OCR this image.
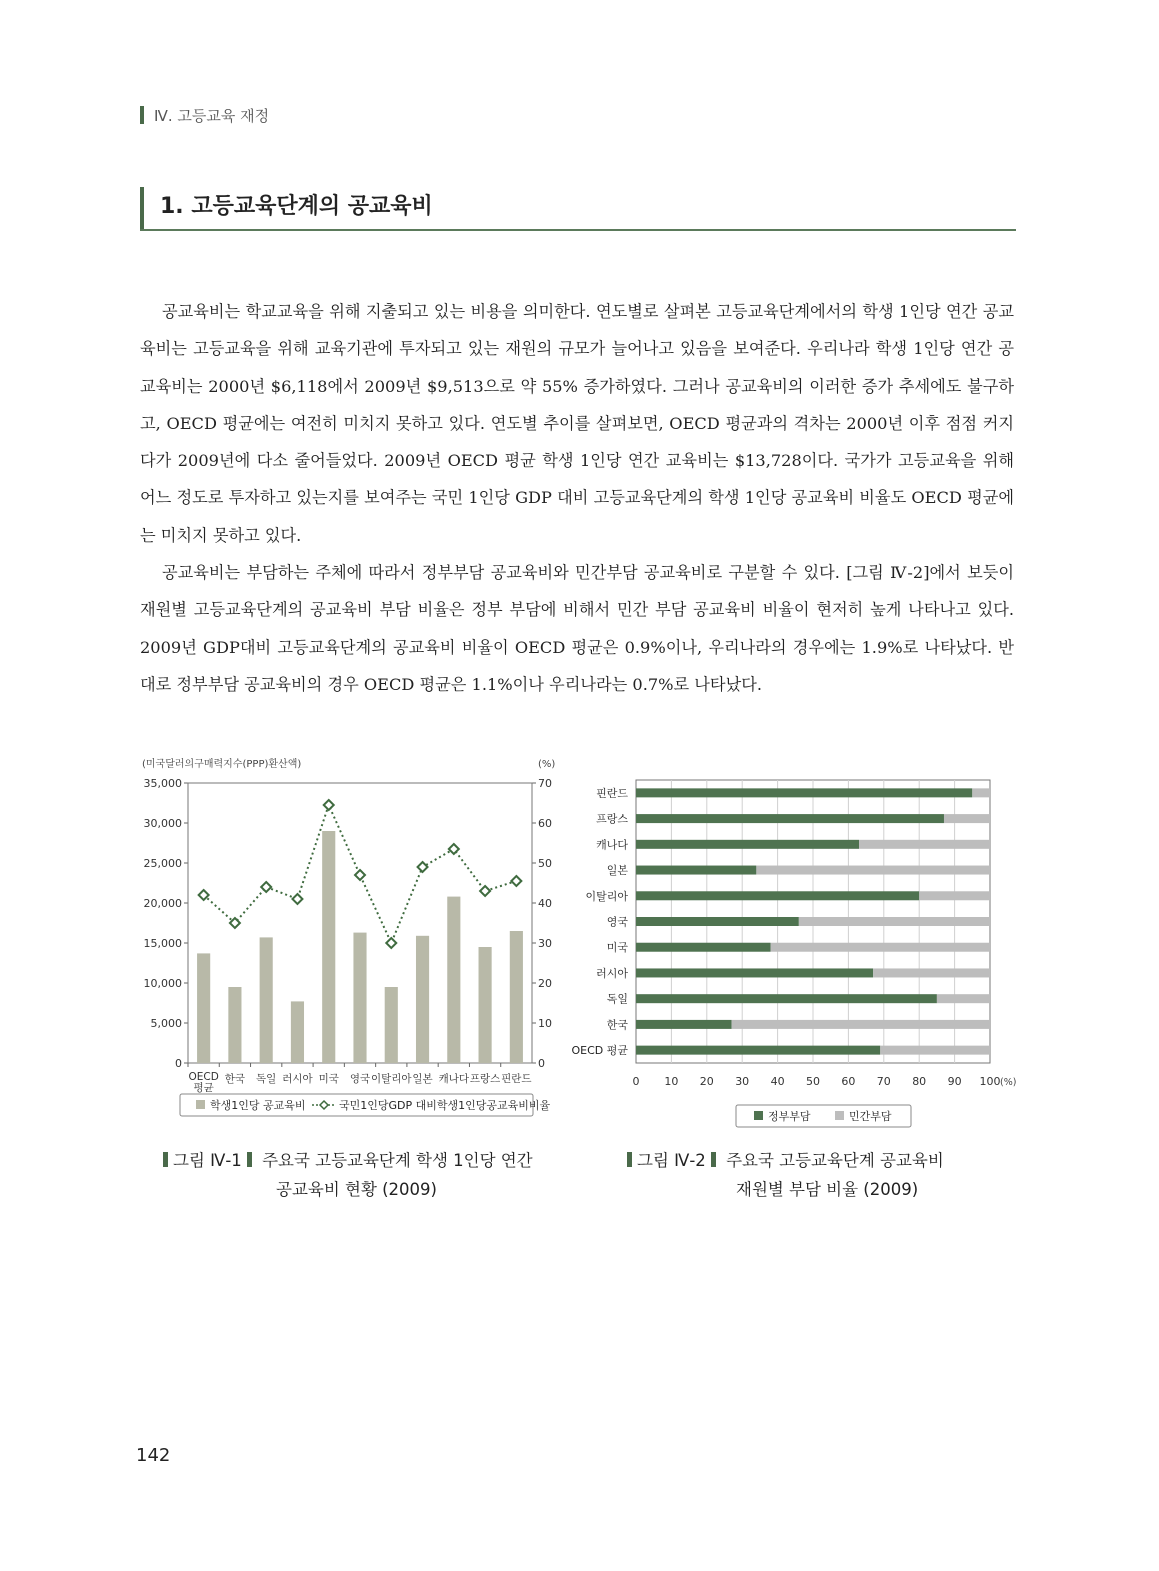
Ⅳ. 고등교육 재정
1. 고등교육단계의 공교육비

공교육비는 학교교육을 위해 지출되고 있는 비용을 의미한다. 연도별로 살펴본 고등교육단계에서의 학생 1인당 연간 공교육비는 고등교육을 위해 교육기관에 투자되고 있는 재원의 규모가 늘어나고 있음을 보여준다. 우리나라 학생 1인당 연간 공교육비는 2000년 $6,118에서 2009년 $9,513으로 약 55% 증가하였다. 그러나 공교육비의 이러한 증가 추세에도 불구하고, OECD 평균에는 여전히 미치지 못하고 있다. 연도별 추이를 살펴보면, OECD 평균과의 격차는 2000년 이후 점점 커지다가 2009년에 다소 줄어들었다. 2009년 OECD 평균 학생 1인당 연간 교육비는 $13,728이다. 국가가 고등교육을 위해 어느 정도로 투자하고 있는지를 보여주는 국민 1인당 GDP 대비 고등교육단계의 학생 1인당 공교육비 비율도 OECD 평균에는 미치지 못하고 있다.

공교육비는 부담하는 주체에 따라서 정부부담 공교육비와 민간부담 공교육비로 구분할 수 있다. [그림 Ⅳ-2]에서 보듯이 재원별 고등교육단계의 공교육비 부담 비율은 정부 부담에 비해서 민간 부담 공교육비 비율이 현저히 높게 나타나고 있다. 2009년 GDP대비 고등교육단계의 공교육비 비율이 OECD 평균은 0.9%이나, 우리나라의 경우에는 1.9%로 나타났다. 반대로 정부부담 공교육비의 경우 OECD 평균은 1.1%이나 우리나라는 0.7%로 나타났다.

(미국달러의구매력지수(PPP)환산액)	(%)
0
5,000
10,000
15,000
20,000
25,000
30,000
35,000
0
10
20
30
40
50
60
70
OECD
평균
한국 독일 러시아 미국 영국 이탈리아 일본 캐나다 프랑스 핀란드
학생1인당 공교육비	국민1인당GDP 대비학생1인당공교육비비율
0 10 20 30 40 50 60 70 80 90 100 (%)
핀란드
프랑스
캐나다
일본
이탈리아
영국
미국
러시아
독일
한국
OECD 평균
정부부담	민간부담
그림 Ⅳ-1 주요국 고등교육단계 학생 1인당 연간
공교육비 현황 (2009)
그림 Ⅳ-2 주요국 고등교육단계 공교육비
재원별 부담 비율 (2009)
142
